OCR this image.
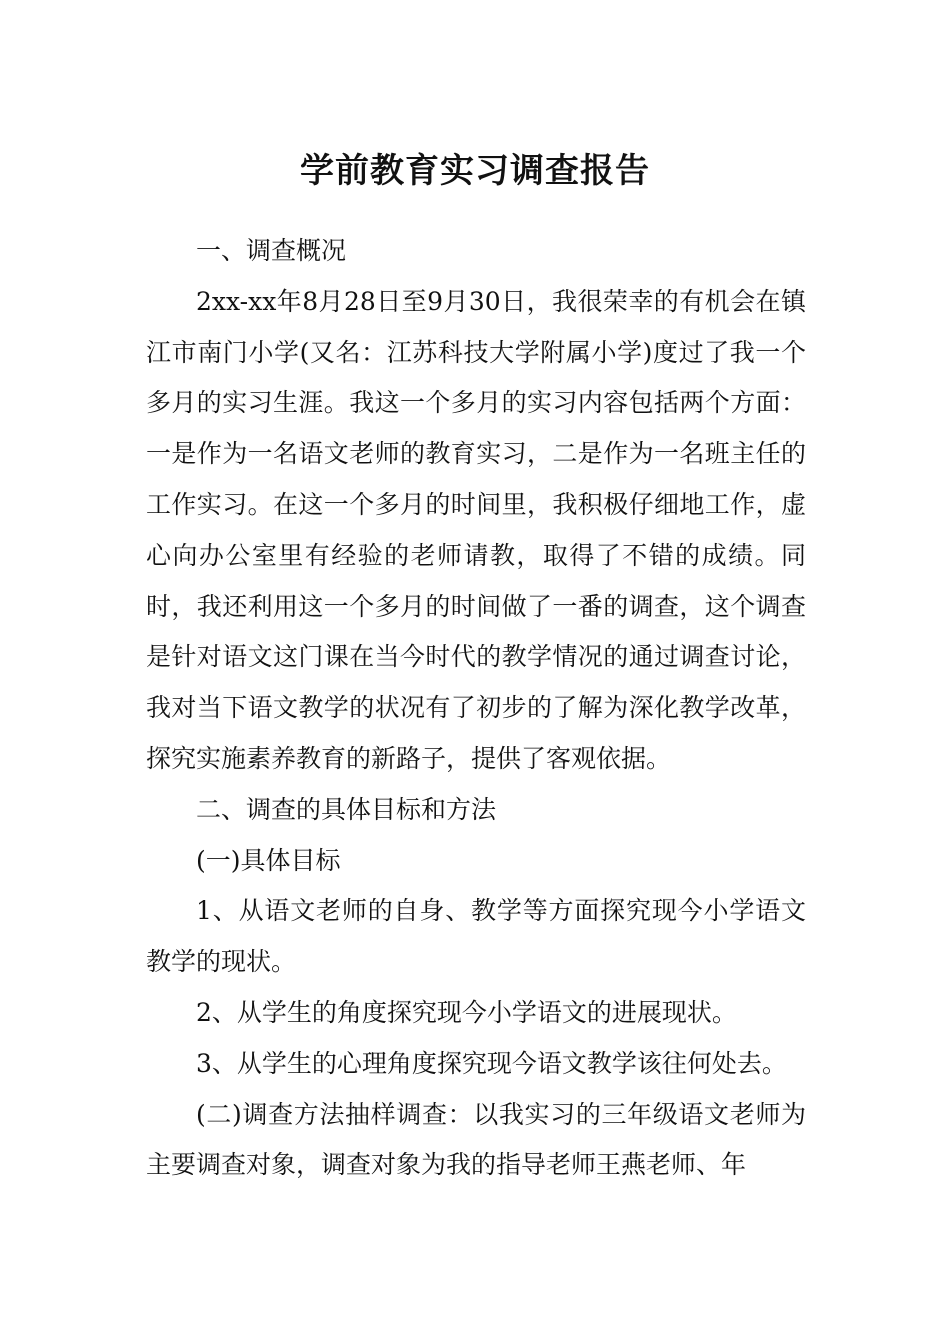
学前教育实习调查报告

一、调查概况

2xx-xx年8月28日至9月30日，我很荣幸的有机会在镇江市南门小学(又名：江苏科技大学附属小学)度过了我一个多月的实习生涯。我这一个多月的实习内容包括两个方面：一是作为一名语文老师的教育实习，二是作为一名班主任的工作实习。在这一个多月的时间里，我积极仔细地工作，虚心向办公室里有经验的老师请教，取得了不错的成绩。同时，我还利用这一个多月的时间做了一番的调查，这个调查是针对语文这门课在当今时代的教学情况的通过调查讨论，我对当下语文教学的状况有了初步的了解为深化教学改革，探究实施素养教育的新路子，提供了客观依据。

二、调查的具体目标和方法

(一)具体目标

1、从语文老师的自身、教学等方面探究现今小学语文教学的现状。

2、从学生的角度探究现今小学语文的进展现状。

3、从学生的心理角度探究现今语文教学该往何处去。

(二)调查方法抽样调查：以我实习的三年级语文老师为主要调查对象，调查对象为我的指导老师王燕老师、年
